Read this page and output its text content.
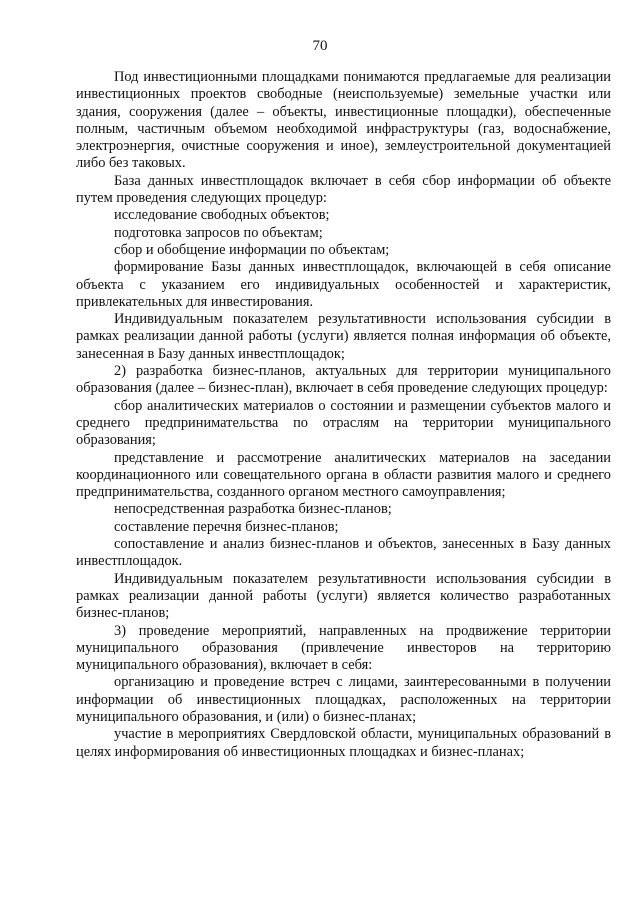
70

Под инвестиционными площадками понимаются предлагаемые для реализации инвестиционных проектов свободные (неиспользуемые) земельные участки или здания, сооружения (далее – объекты, инвестиционные площадки), обеспеченные полным, частичным объемом необходимой инфраструктуры (газ, водоснабжение, электроэнергия, очистные сооружения и иное), землеустроительной документацией либо без таковых.

База данных инвестплощадок включает в себя сбор информации об объекте путем проведения следующих процедур:

исследование свободных объектов;

подготовка запросов по объектам;

сбор и обобщение информации по объектам;

формирование Базы данных инвестплощадок, включающей в себя описание объекта с указанием его индивидуальных особенностей и характеристик, привлекательных для инвестирования.

Индивидуальным показателем результативности использования субсидии в рамках реализации данной работы (услуги) является полная информация об объекте, занесенная в Базу данных инвестплощадок;

2) разработка бизнес-планов, актуальных для территории муниципального образования (далее – бизнес-план), включает в себя проведение следующих процедур:

сбор аналитических материалов о состоянии и размещении субъектов малого и среднего предпринимательства по отраслям на территории муниципального образования;

представление и рассмотрение аналитических материалов на заседании координационного или совещательного органа в области развития малого и среднего предпринимательства, созданного органом местного самоуправления;

непосредственная разработка бизнес-планов;

составление перечня бизнес-планов;

сопоставление и анализ бизнес-планов и объектов, занесенных в Базу данных инвестплощадок.

Индивидуальным показателем результативности использования субсидии в рамках реализации данной работы (услуги) является количество разработанных бизнес-планов;

3) проведение мероприятий, направленных на продвижение территории муниципального образования (привлечение инвесторов на территорию муниципального образования), включает в себя:

организацию и проведение встреч с лицами, заинтересованными в получении информации об инвестиционных площадках, расположенных на территории муниципального образования, и (или) о бизнес-планах;

участие в мероприятиях Свердловской области, муниципальных образований в целях информирования об инвестиционных площадках и бизнес-планах;
